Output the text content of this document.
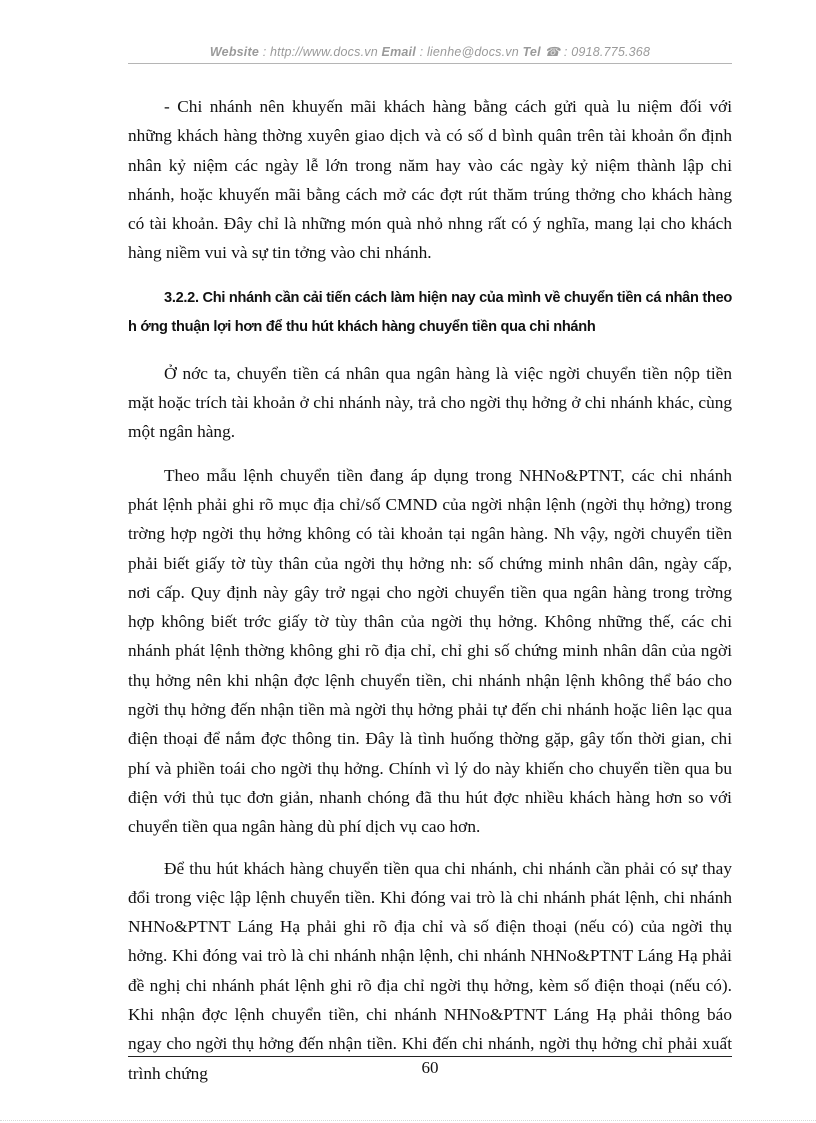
Website : http://www.docs.vn Email : lienhe@docs.vn Tel ☎ : 0918.775.368

- Chi nhánh nên khuyến mãi khách hàng bằng cách gửi quà lu niệm đối với những khách hàng thờng xuyên giao dịch và có số d bình quân trên tài khoản ổn định nhân kỷ niệm các ngày lễ lớn trong năm hay vào các ngày kỷ niệm thành lập chi nhánh, hoặc khuyến mãi bằng cách mở các đợt rút thăm trúng thởng cho khách hàng có tài khoản. Đây chỉ là những món quà nhỏ nhng rất có ý nghĩa, mang lại cho khách hàng niềm vui và sự tin tởng vào chi nhánh.

3.2.2. Chi nhánh cần cải tiến cách làm hiện nay của mình về chuyển tiền cá nhân theo h ớng thuận lợi hơn để thu hút khách hàng chuyển tiền qua chi nhánh

Ở nớc ta, chuyển tiền cá nhân qua ngân hàng là việc ngời chuyển tiền nộp tiền mặt hoặc trích tài khoản ở chi nhánh này, trả cho ngời thụ hởng ở chi nhánh khác, cùng một ngân hàng.

Theo mẫu lệnh chuyển tiền đang áp dụng trong NHNo&PTNT, các chi nhánh phát lệnh phải ghi rõ mục địa chỉ/số CMND của ngời nhận lệnh (ngời thụ hởng) trong trờng hợp ngời thụ hởng không có tài khoản tại ngân hàng. Nh vậy, ngời chuyển tiền phải biết giấy tờ tùy thân của ngời thụ hởng nh: số chứng minh nhân dân, ngày cấp, nơi cấp. Quy định này gây trở ngại cho ngời chuyển tiền qua ngân hàng trong trờng hợp không biết trớc giấy tờ tùy thân của ngời thụ hởng. Không những thế, các chi nhánh phát lệnh thờng không ghi rõ địa chỉ, chỉ ghi số chứng minh nhân dân của ngời thụ hởng nên khi nhận đợc lệnh chuyển tiền, chi nhánh nhận lệnh không thể báo cho ngời thụ hởng đến nhận tiền mà ngời thụ hởng phải tự đến chi nhánh hoặc liên lạc qua điện thoại để nắm đợc thông tin. Đây là tình huống thờng gặp, gây tốn thời gian, chi phí và phiền toái cho ngời thụ hởng. Chính vì lý do này khiến cho chuyển tiền qua bu điện với thủ tục đơn giản, nhanh chóng đã thu hút đợc nhiều khách hàng hơn so với chuyển tiền qua ngân hàng dù phí dịch vụ cao hơn.

Để thu hút khách hàng chuyển tiền qua chi nhánh, chi nhánh cần phải có sự thay đổi trong việc lập lệnh chuyển tiền. Khi đóng vai trò là chi nhánh phát lệnh, chi nhánh NHNo&PTNT Láng Hạ phải ghi rõ địa chỉ và số điện thoại (nếu có) của ngời thụ hởng. Khi đóng vai trò là chi nhánh nhận lệnh, chi nhánh NHNo&PTNT Láng Hạ phải đề nghị chi nhánh phát lệnh ghi rõ địa chỉ ngời thụ hởng, kèm số điện thoại (nếu có). Khi nhận đợc lệnh chuyển tiền, chi nhánh NHNo&PTNT Láng Hạ phải thông báo ngay cho ngời thụ hởng đến nhận tiền. Khi đến chi nhánh, ngời thụ hởng chỉ phải xuất trình chứng	60
